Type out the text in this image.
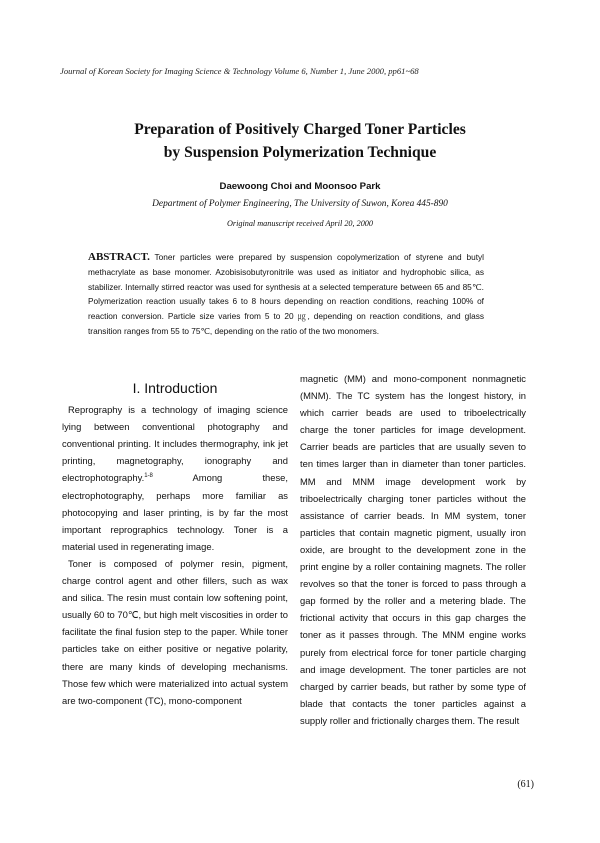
Journal of Korean Society for Imaging Science & Technology Volume 6, Number 1, June 2000, pp61~68
Preparation of Positively Charged Toner Particles
by Suspension Polymerization Technique
Daewoong Choi and Moonsoo Park
Department of Polymer Engineering, The University of Suwon, Korea 445-890
Original manuscript received April 20, 2000

ABSTRACT. Toner particles were prepared by suspension copolymerization of styrene and butyl methacrylate as base monomer. Azobisisobutyronitrile was used as initiator and hydrophobic silica, as stabilizer. Internally stirred reactor was used for synthesis at a selected temperature between 65 and 85℃. Polymerization reaction usually takes 6 to 8 hours depending on reaction conditions, reaching 100% of reaction conversion. Particle size varies from 5 to 20 ㎍, depending on reaction conditions, and glass transition ranges from 55 to 75℃, depending on the ratio of the two monomers.

I. Introduction

Reprography is a technology of imaging science lying between conventional photography and conventional printing. It includes thermography, ink jet printing, magnetography, ionography and electrophotography.$^{1-8}$	Among these, electrophotography, perhaps more familiar as photocopying and laser printing, is by far the most important reprographics technology. Toner is a material used in regenerating image.

Toner is composed of polymer resin, pigment, charge control agent and other fillers, such as wax and silica. The resin must contain low softening point, usually 60 to 70℃, but high melt viscosities in order to facilitate the final fusion step to the paper. While toner particles take on either positive or negative polarity, there are many kinds of developing mechanisms. Those few which were materialized into actual system are two-component (TC), mono-component

magnetic (MM) and mono-component nonmagnetic (MNM). The TC system has the longest history, in which carrier beads are used to triboelectrically charge the toner particles for image development. Carrier beads are particles that are usually seven to ten times larger than in diameter than toner particles. MM and MNM image development work by triboelectrically charging toner particles without the assistance of carrier beads. In MM system, toner particles that contain magnetic pigment, usually iron oxide, are brought to the development zone in the print engine by a roller containing magnets. The roller revolves so that the toner is forced to pass through a gap formed by the roller and a metering blade. The frictional activity that occurs in this gap charges the toner as it passes through. The MNM engine works purely from electrical force for toner particle charging and image development. The toner particles are not charged by carrier beads, but rather by some type of blade that contacts the toner particles against a supply roller and frictionally charges them. The result

(61)
